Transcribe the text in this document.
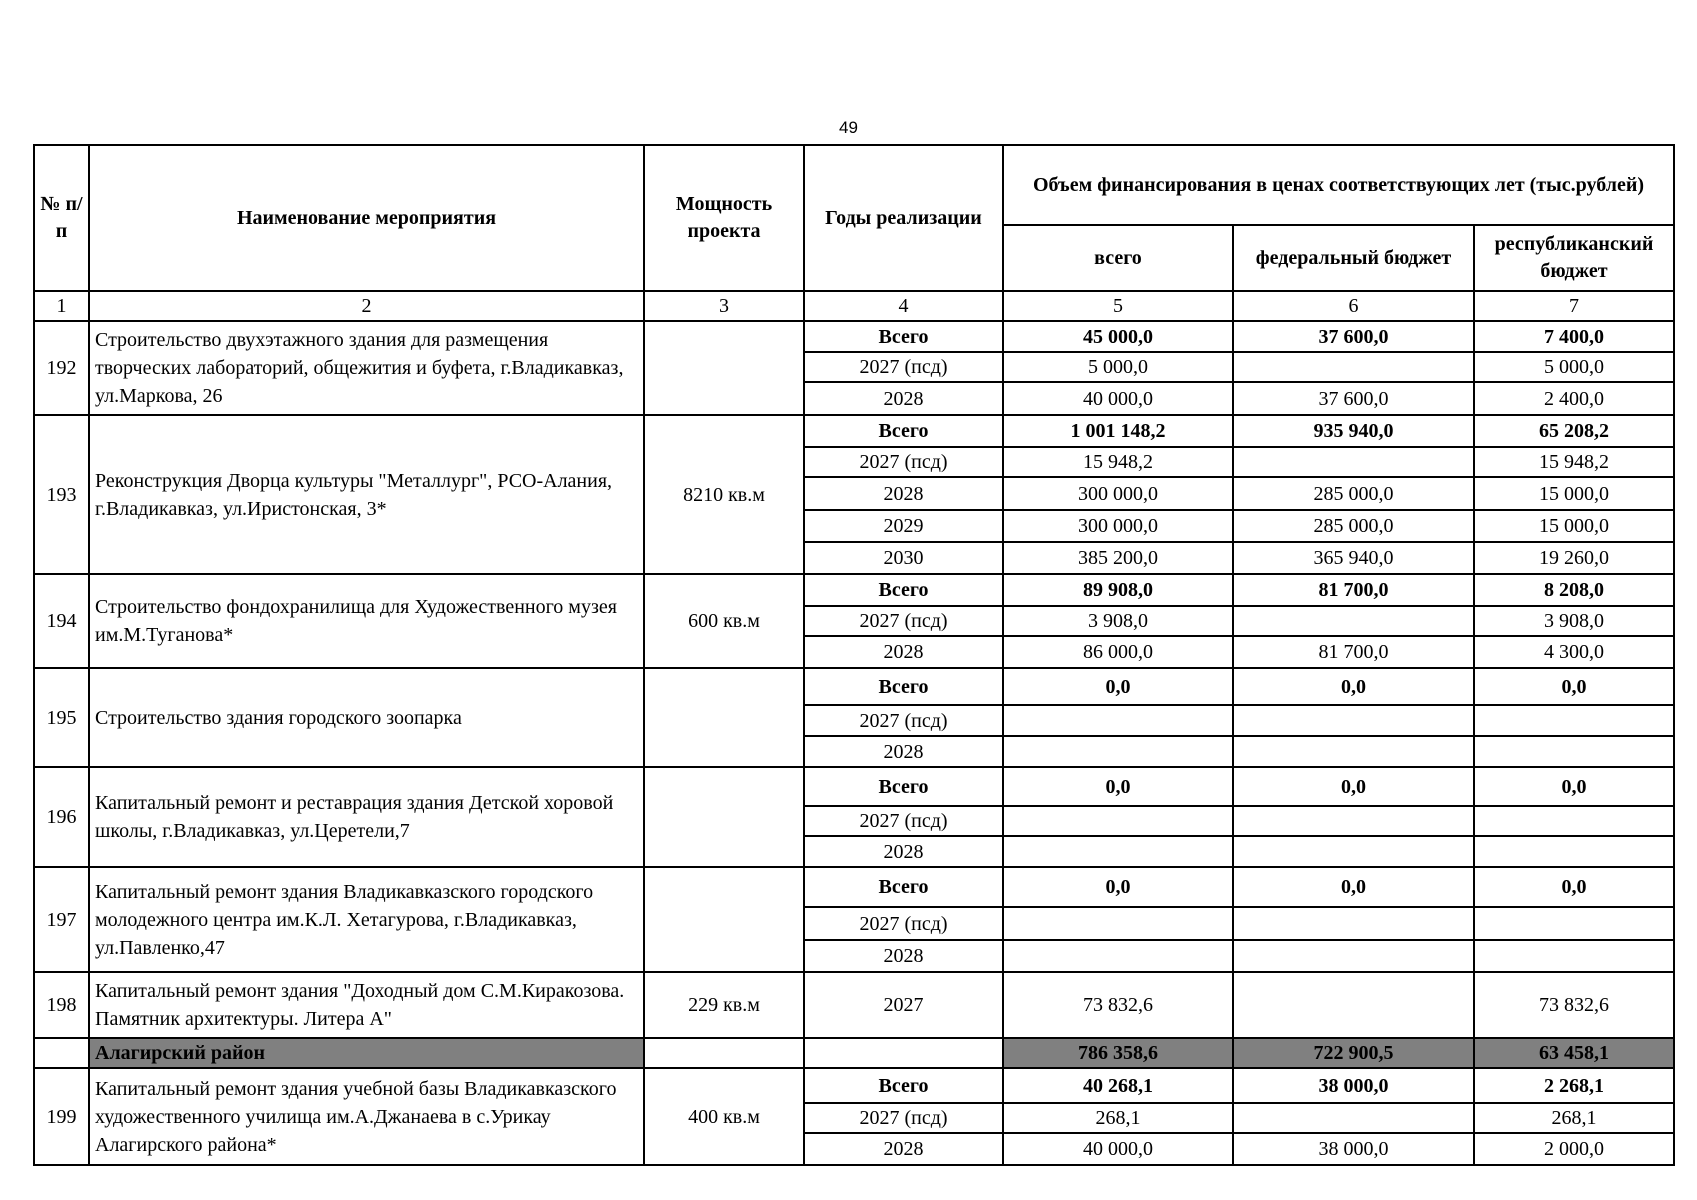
49
№ п/п	Наименование мероприятия	Мощность проекта	Годы реализации	Объем финансирования в ценах соответствующих лет (тыс.рублей)		
				всего	федеральный бюджет	республиканский бюджет
1	2	3	4	5	6	7
192	Строительство двухэтажного здания для размещения творческих лабораторий, общежития и буфета, г.Владикавказ, ул.Маркова, 26		Всего	45 000,0	37 600,0	7 400,0
			2027 (псд)	5 000,0		5 000,0
			2028	40 000,0	37 600,0	2 400,0
193	Реконструкция Дворца культуры "Металлург", РСО-Алания, г.Владикавказ, ул.Иристонская, 3*	8210 кв.м	Всего	1 001 148,2	935 940,0	65 208,2
			2027 (псд)	15 948,2		15 948,2
			2028	300 000,0	285 000,0	15 000,0
			2029	300 000,0	285 000,0	15 000,0
			2030	385 200,0	365 940,0	19 260,0
194	Строительство фондохранилища для Художественного музея им.М.Туганова*	600 кв.м	Всего	89 908,0	81 700,0	8 208,0
			2027 (псд)	3 908,0		3 908,0
			2028	86 000,0	81 700,0	4 300,0
195	Строительство здания городского зоопарка		Всего	0,0	0,0	0,0
			2027 (псд)			
			2028			
196	Капитальный ремонт и реставрация здания Детской хоровой школы, г.Владикавказ, ул.Церетели,7		Всего	0,0	0,0	0,0
			2027 (псд)			
			2028			
197	Капитальный ремонт здания Владикавказского городского молодежного центра им.К.Л. Хетагурова, г.Владикавказ, ул.Павленко,47		Всего	0,0	0,0	0,0
			2027 (псд)			
			2028			
198	Капитальный ремонт здания "Доходный дом С.М.Киракозова. Памятник архитектуры. Литера А"	229 кв.м	2027	73 832,6		73 832,6
	Алагирский район			786 358,6	722 900,5	63 458,1
199	Капитальный ремонт здания учебной базы Владикавказского художественного училища им.А.Джанаева в с.Урикау Алагирского района*	400 кв.м	Всего	40 268,1	38 000,0	2 268,1
			2027 (псд)	268,1		268,1
			2028	40 000,0	38 000,0	2 000,0
